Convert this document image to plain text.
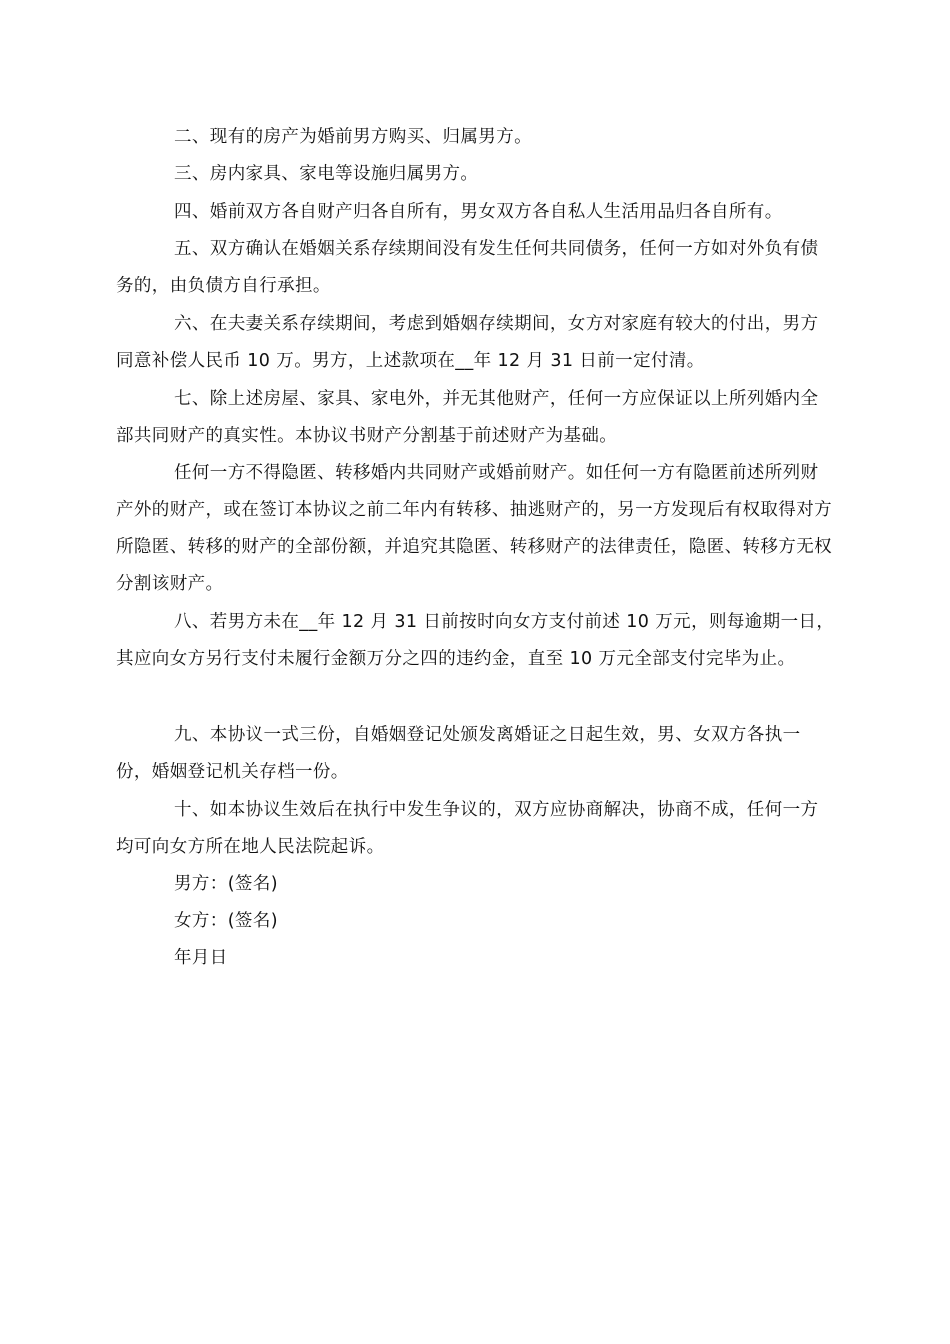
二、现有的房产为婚前男方购买、归属男方。

三、房内家具、家电等设施归属男方。

四、婚前双方各自财产归各自所有，男女双方各自私人生活用品归各自所有。

五、双方确认在婚姻关系存续期间没有发生任何共同债务，任何一方如对外负有债务的，由负债方自行承担。

六、在夫妻关系存续期间，考虑到婚姻存续期间，女方对家庭有较大的付出，男方同意补偿人民币 10 万。男方，上述款项在__年 12 月 31 日前一定付清。

七、除上述房屋、家具、家电外，并无其他财产，任何一方应保证以上所列婚内全部共同财产的真实性。本协议书财产分割基于前述财产为基础。

任何一方不得隐匿、转移婚内共同财产或婚前财产。如任何一方有隐匿前述所列财产外的财产，或在签订本协议之前二年内有转移、抽逃财产的，另一方发现后有权取得对方所隐匿、转移的财产的全部份额，并追究其隐匿、转移财产的法律责任，隐匿、转移方无权分割该财产。

八、若男方未在__年 12 月 31 日前按时向女方支付前述 10 万元，则每逾期一日，其应向女方另行支付未履行金额万分之四的违约金，直至 10 万元全部支付完毕为止。

九、本协议一式三份，自婚姻登记处颁发离婚证之日起生效，男、女双方各执一份，婚姻登记机关存档一份。

十、如本协议生效后在执行中发生争议的，双方应协商解决，协商不成，任何一方均可向女方所在地人民法院起诉。

男方：(签名)

女方：(签名)

年月日
